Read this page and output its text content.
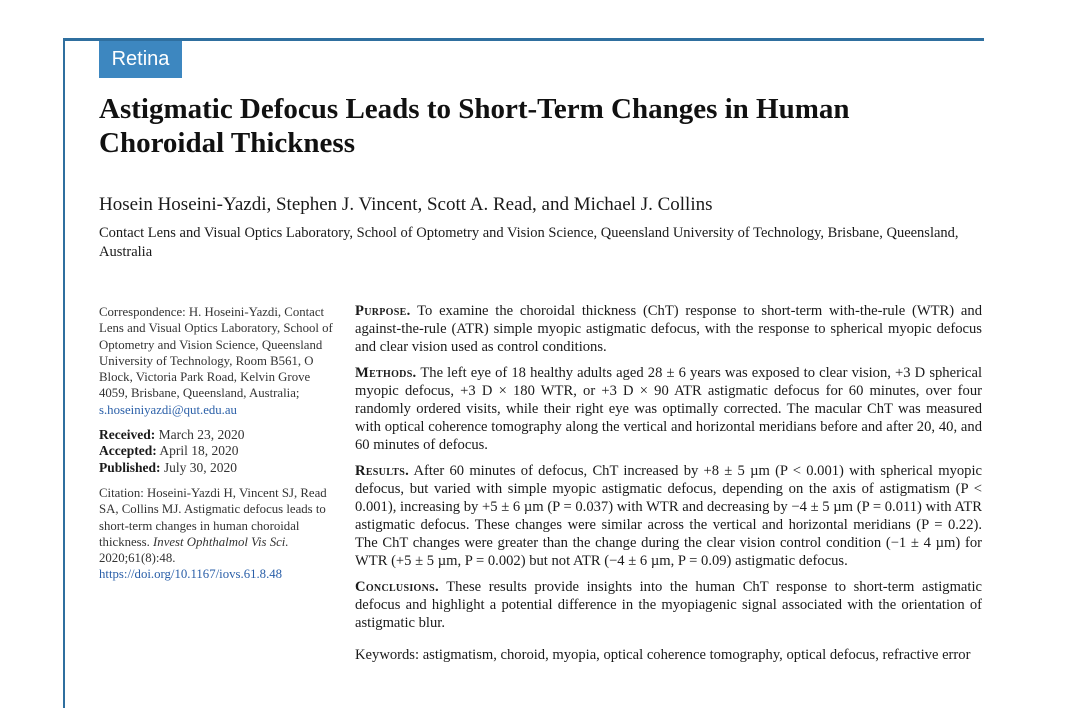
Retina
Astigmatic Defocus Leads to Short-Term Changes in Human Choroidal Thickness
Hosein Hoseini-Yazdi, Stephen J. Vincent, Scott A. Read, and Michael J. Collins
Contact Lens and Visual Optics Laboratory, School of Optometry and Vision Science, Queensland University of Technology, Brisbane, Queensland, Australia

Correspondence: H. Hoseini-Yazdi, Contact Lens and Visual Optics Laboratory, School of Optometry and Vision Science, Queensland University of Technology, Room B561, O Block, Victoria Park Road, Kelvin Grove 4059, Brisbane, Queensland, Australia; s.hoseiniyazdi@qut.edu.au

Received: March 23, 2020
Accepted: April 18, 2020
Published: July 30, 2020

Citation: Hoseini-Yazdi H, Vincent SJ, Read SA, Collins MJ. Astigmatic defocus leads to short-term changes in human choroidal thickness. Invest Ophthalmol Vis Sci. 2020;61(8):48. https://doi.org/10.1167/iovs.61.8.48

Purpose. To examine the choroidal thickness (ChT) response to short-term with-the-rule (WTR) and against-the-rule (ATR) simple myopic astigmatic defocus, with the response to spherical myopic defocus and clear vision used as control conditions.

Methods. The left eye of 18 healthy adults aged 28 ± 6 years was exposed to clear vision, +3 D spherical myopic defocus, +3 D × 180 WTR, or +3 D × 90 ATR astigmatic defocus for 60 minutes, over four randomly ordered visits, while their right eye was optimally corrected. The macular ChT was measured with optical coherence tomography along the vertical and horizontal meridians before and after 20, 40, and 60 minutes of defocus.

Results. After 60 minutes of defocus, ChT increased by +8 ± 5 µm (P < 0.001) with spherical myopic defocus, but varied with simple myopic astigmatic defocus, depending on the axis of astigmatism (P < 0.001), increasing by +5 ± 6 µm (P = 0.037) with WTR and decreasing by −4 ± 5 µm (P = 0.011) with ATR astigmatic defocus. These changes were similar across the vertical and horizontal meridians (P = 0.22). The ChT changes were greater than the change during the clear vision control condition (−1 ± 4 µm) for WTR (+5 ± 5 µm, P = 0.002) but not ATR (−4 ± 6 µm, P = 0.09) astigmatic defocus.

Conclusions. These results provide insights into the human ChT response to short-term astigmatic defocus and highlight a potential difference in the myopiagenic signal associated with the orientation of astigmatic blur.

Keywords: astigmatism, choroid, myopia, optical coherence tomography, optical defocus, refractive error
